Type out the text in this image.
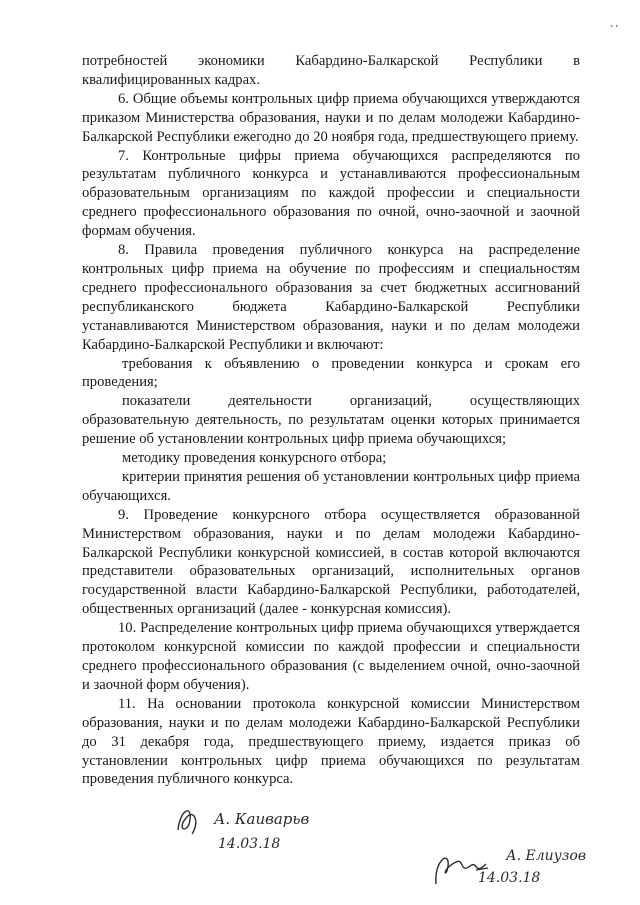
, ,

потребностей экономики Кабардино-Балкарской Республики в квалифицированных кадрах.

6. Общие объемы контрольных цифр приема обучающихся утверждаются приказом Министерства образования, науки и по делам молодежи Кабардино-Балкарской Республики ежегодно до 20 ноября года, предшествующего приему.

7. Контрольные цифры приема обучающихся распределяются по результатам публичного конкурса и устанавливаются профессиональным образовательным организациям по каждой профессии и специальности среднего профессионального образования по очной, очно-заочной и заочной формам обучения.

8. Правила проведения публичного конкурса на распределение контрольных цифр приема на обучение по профессиям и специальностям среднего профессионального образования за счет бюджетных ассигнований республиканского бюджета Кабардино-Балкарской Республики устанавливаются Министерством образования, науки и по делам молодежи Кабардино-Балкарской Республики и включают:

требования к объявлению о проведении конкурса и срокам его проведения;

показатели деятельности организаций, осуществляющих образовательную деятельность, по результатам оценки которых принимается решение об установлении контрольных цифр приема обучающихся;

методику проведения конкурсного отбора;

критерии принятия решения об установлении контрольных цифр приема обучающихся.

9. Проведение конкурсного отбора осуществляется образованной Министерством образования, науки и по делам молодежи Кабардино-Балкарской Республики конкурсной комиссией, в состав которой включаются представители образовательных организаций, исполнительных органов государственной власти Кабардино-Балкарской Республики, работодателей, общественных организаций (далее - конкурсная комиссия).

10. Распределение контрольных цифр приема обучающихся утверждается протоколом конкурсной комиссии по каждой профессии и специальности среднего профессионального образования (с выделением очной, очно-заочной и заочной форм обучения).

11. На основании протокола конкурсной комиссии Министерством образования, науки и по делам молодежи Кабардино-Балкарской Республики до 31 декабря года, предшествующего приему, издается приказ об установлении контрольных цифр приема обучающихся по результатам проведения публичного конкурса.

А. Каиварьв
14.03.18
А. Елиузов
14.03.18
